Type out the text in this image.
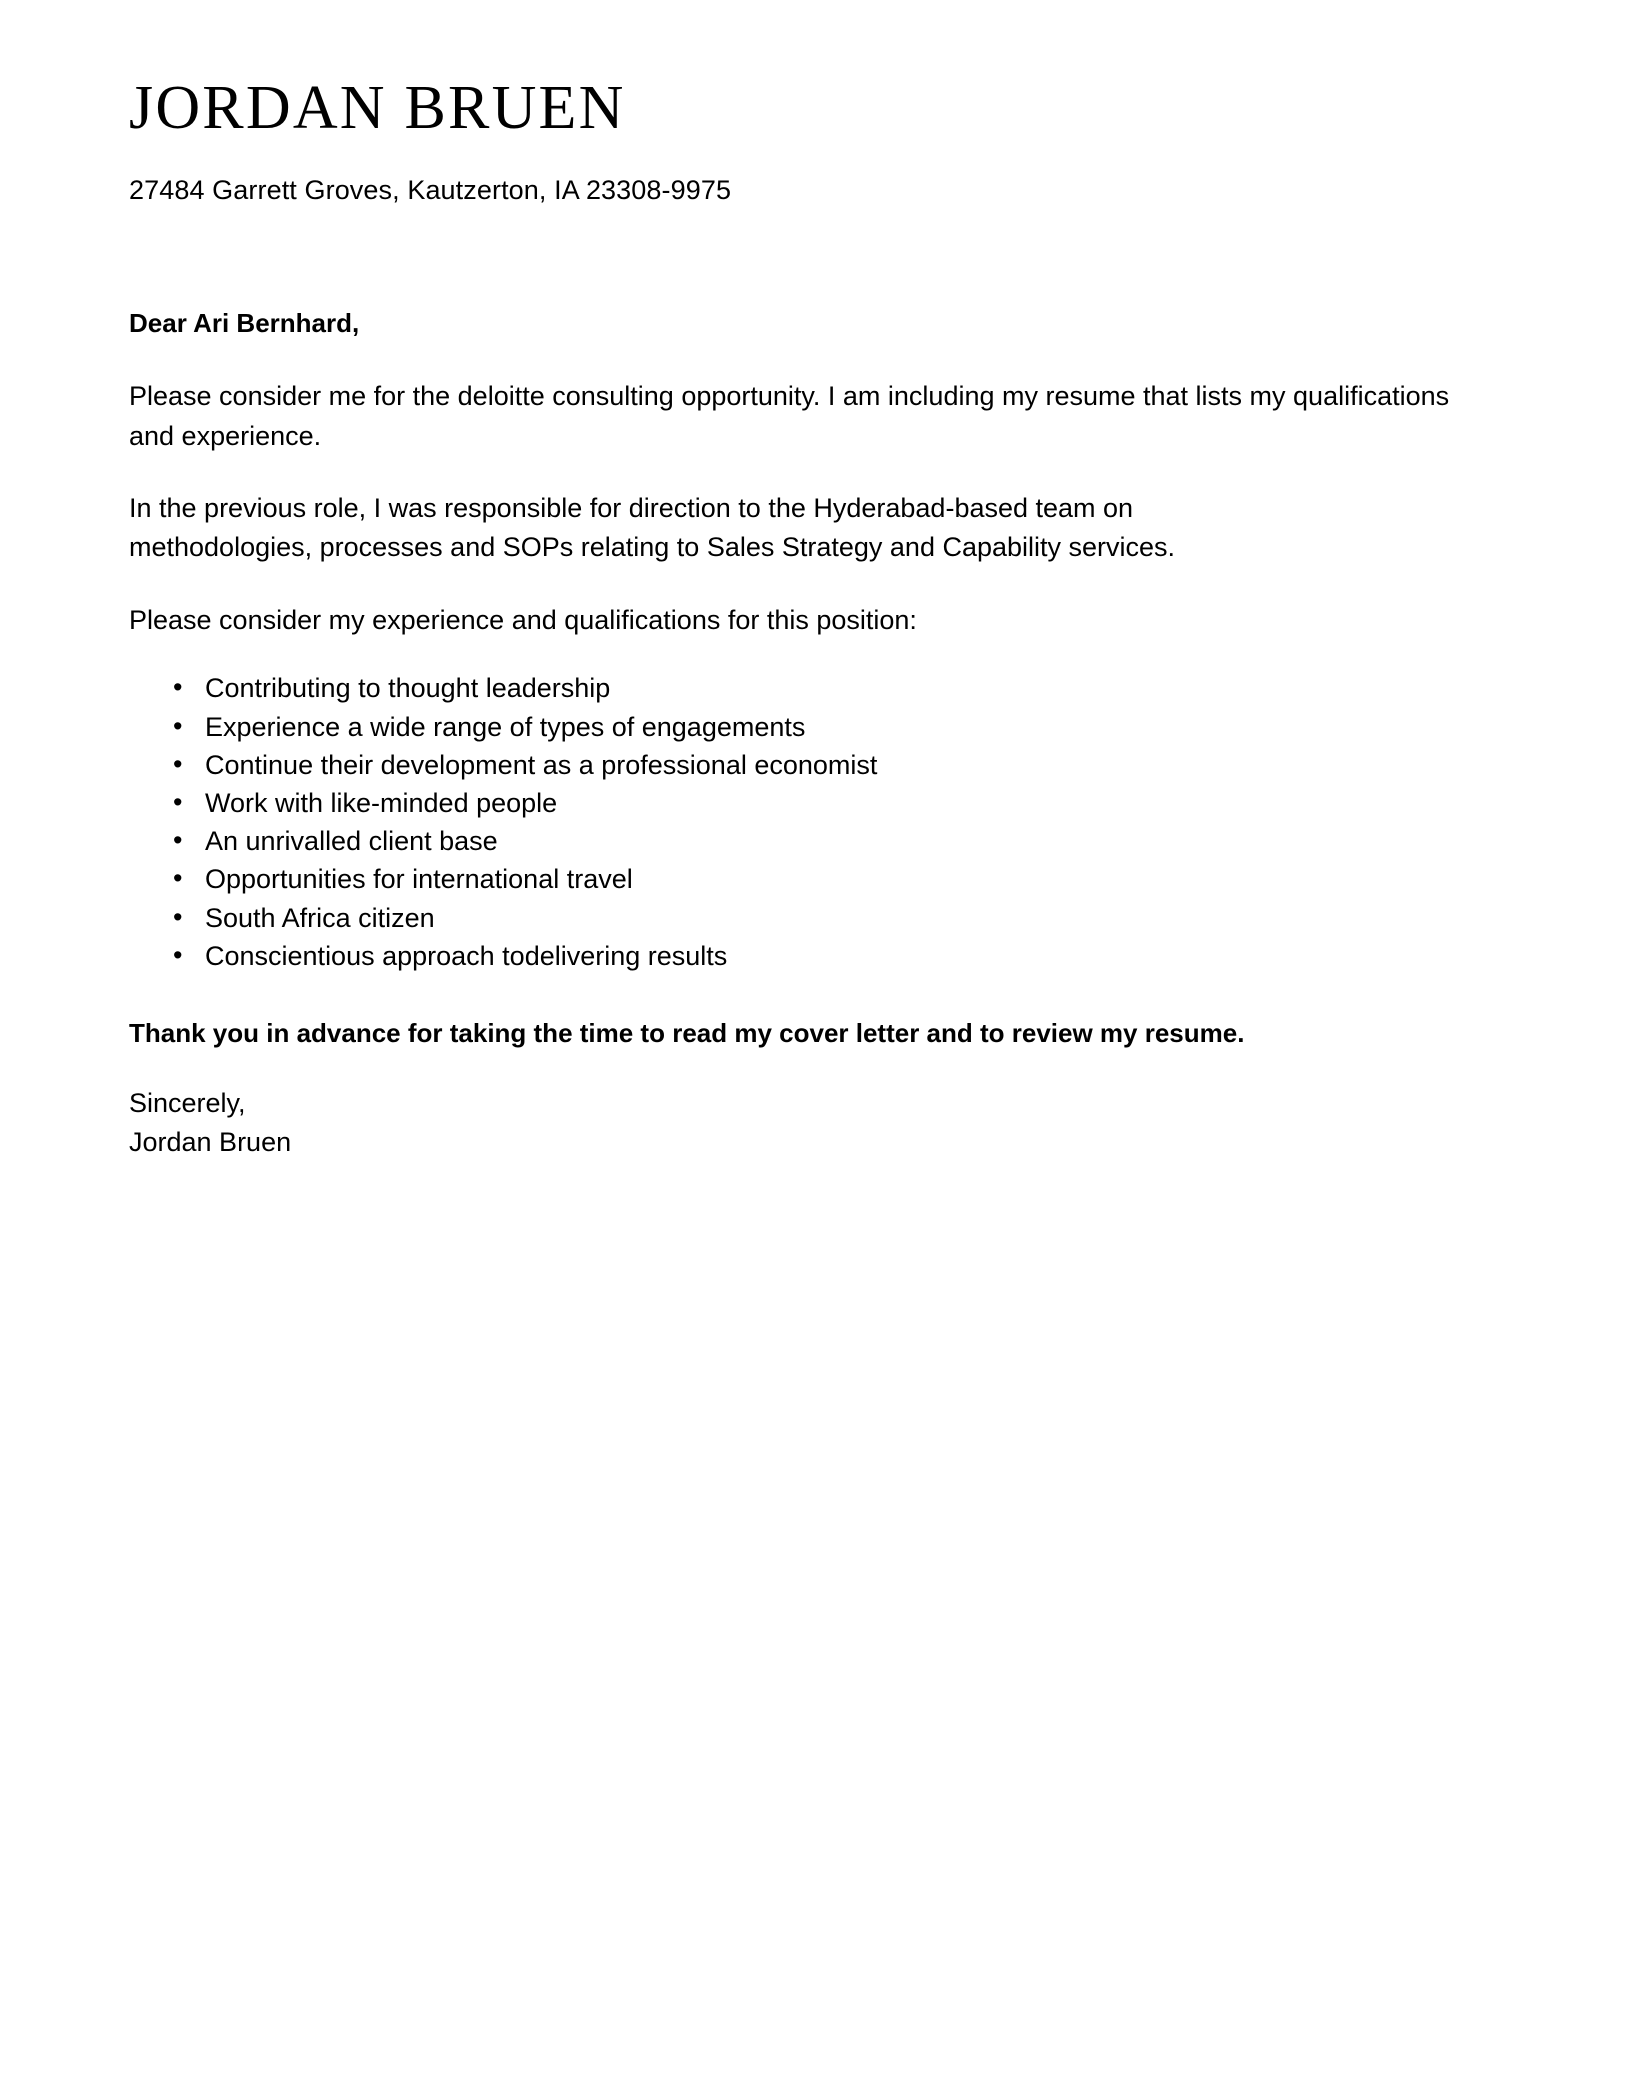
JORDAN BRUEN

27484 Garrett Groves, Kautzerton, IA 23308-9975

Dear Ari Bernhard,

Please consider me for the deloitte consulting opportunity. I am including my resume that lists my qualifications and experience.

In the previous role, I was responsible for direction to the Hyderabad-based team on methodologies, processes and SOPs relating to Sales Strategy and Capability services.

Please consider my experience and qualifications for this position:

• Contributing to thought leadership
• Experience a wide range of types of engagements
• Continue their development as a professional economist
• Work with like-minded people
• An unrivalled client base
• Opportunities for international travel
• South Africa citizen
• Conscientious approach todelivering results

Thank you in advance for taking the time to read my cover letter and to review my resume.

Sincerely,
Jordan Bruen
